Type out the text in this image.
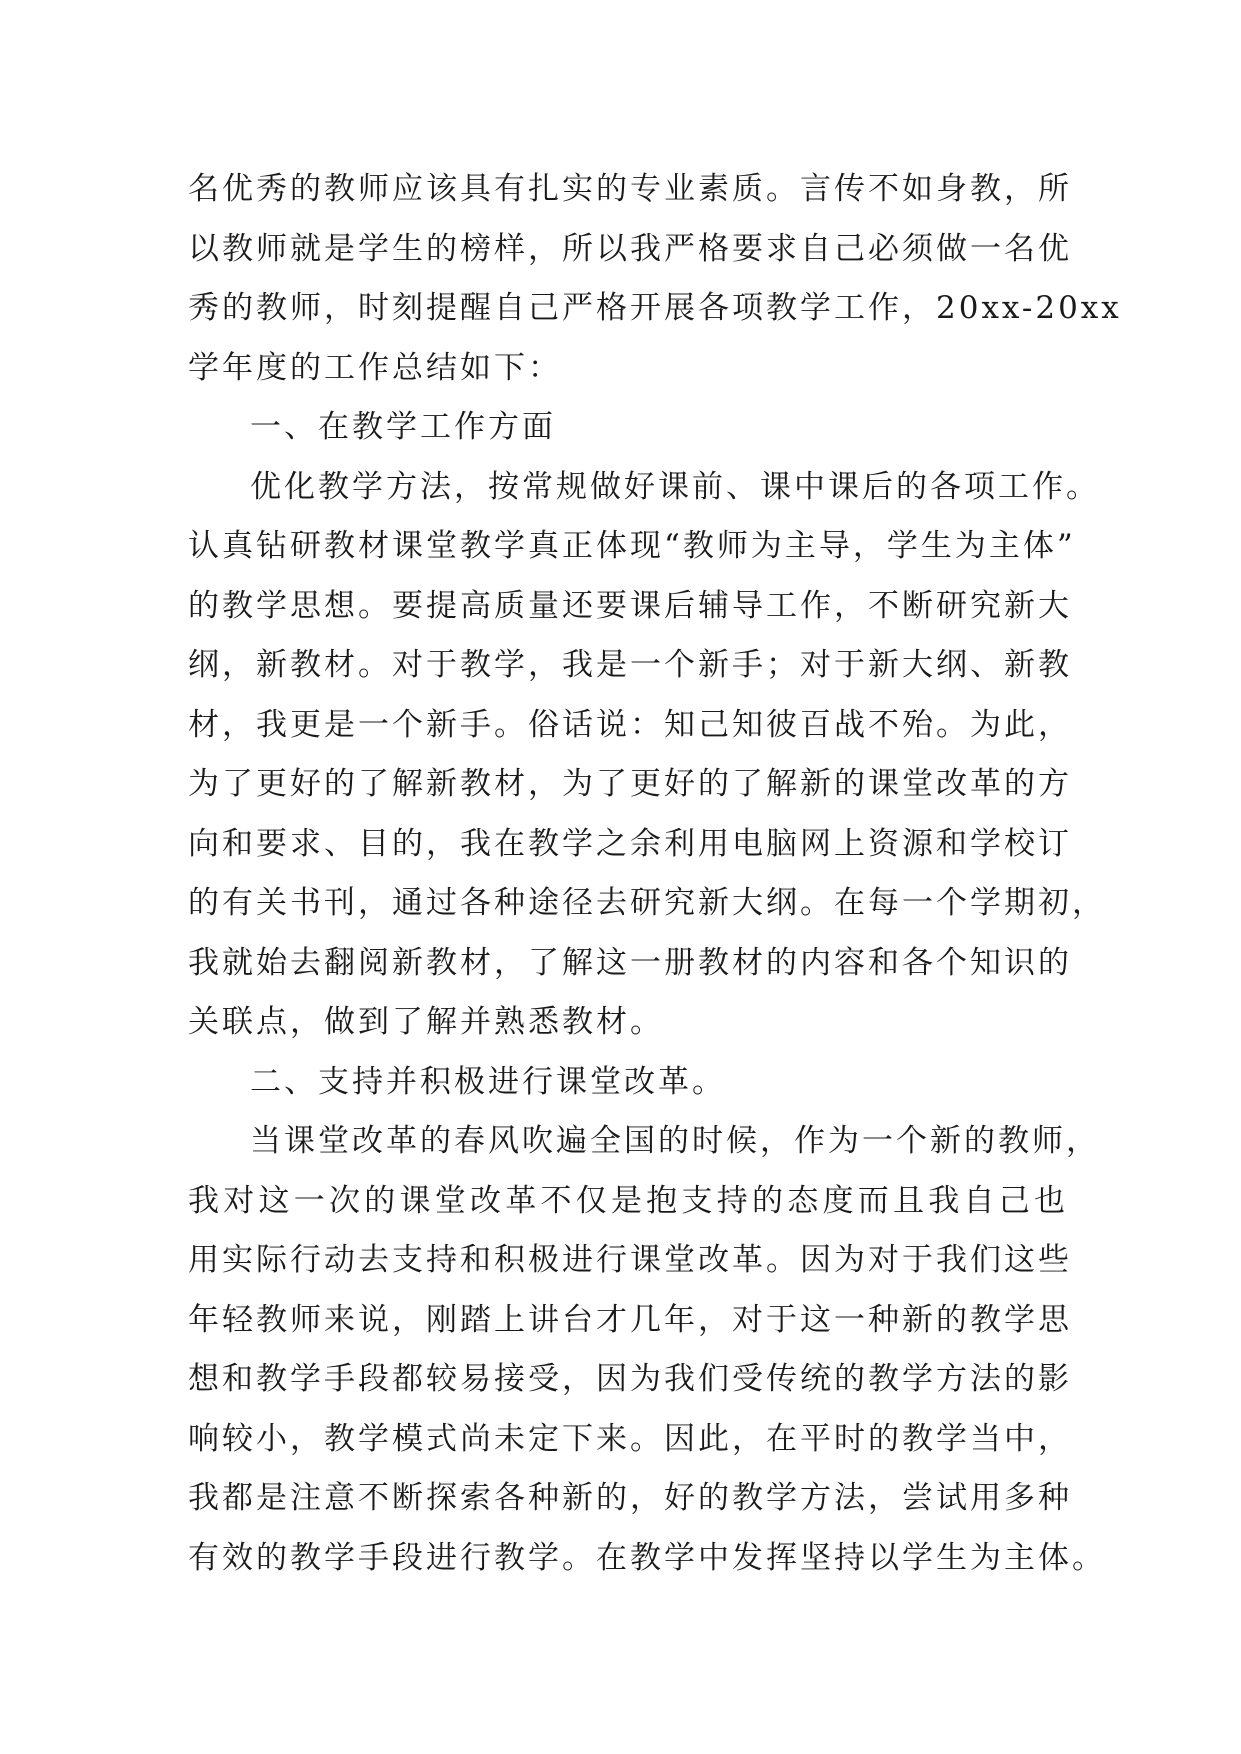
名优秀的教师应该具有扎实的专业素质。言传不如身教，所
以教师就是学生的榜样，所以我严格要求自己必须做一名优
秀的教师，时刻提醒自己严格开展各项教学工作，20xx-20xx
学年度的工作总结如下：
一、在教学工作方面
优化教学方法，按常规做好课前、课中课后的各项工作。
认真钻研教材课堂教学真正体现“教师为主导，学生为主体”
的教学思想。要提高质量还要课后辅导工作，不断研究新大
纲，新教材。对于教学，我是一个新手；对于新大纲、新教
材，我更是一个新手。俗话说：知己知彼百战不殆。为此，
为了更好的了解新教材，为了更好的了解新的课堂改革的方
向和要求、目的，我在教学之余利用电脑网上资源和学校订
的有关书刊，通过各种途径去研究新大纲。在每一个学期初，
我就始去翻阅新教材，了解这一册教材的内容和各个知识的
关联点，做到了解并熟悉教材。
二、支持并积极进行课堂改革。
当课堂改革的春风吹遍全国的时候，作为一个新的教师，
我对这一次的课堂改革不仅是抱支持的态度而且我自己也
用实际行动去支持和积极进行课堂改革。因为对于我们这些
年轻教师来说，刚踏上讲台才几年，对于这一种新的教学思
想和教学手段都较易接受，因为我们受传统的教学方法的影
响较小，教学模式尚未定下来。因此，在平时的教学当中，
我都是注意不断探索各种新的，好的教学方法，尝试用多种
有效的教学手段进行教学。在教学中发挥坚持以学生为主体。
